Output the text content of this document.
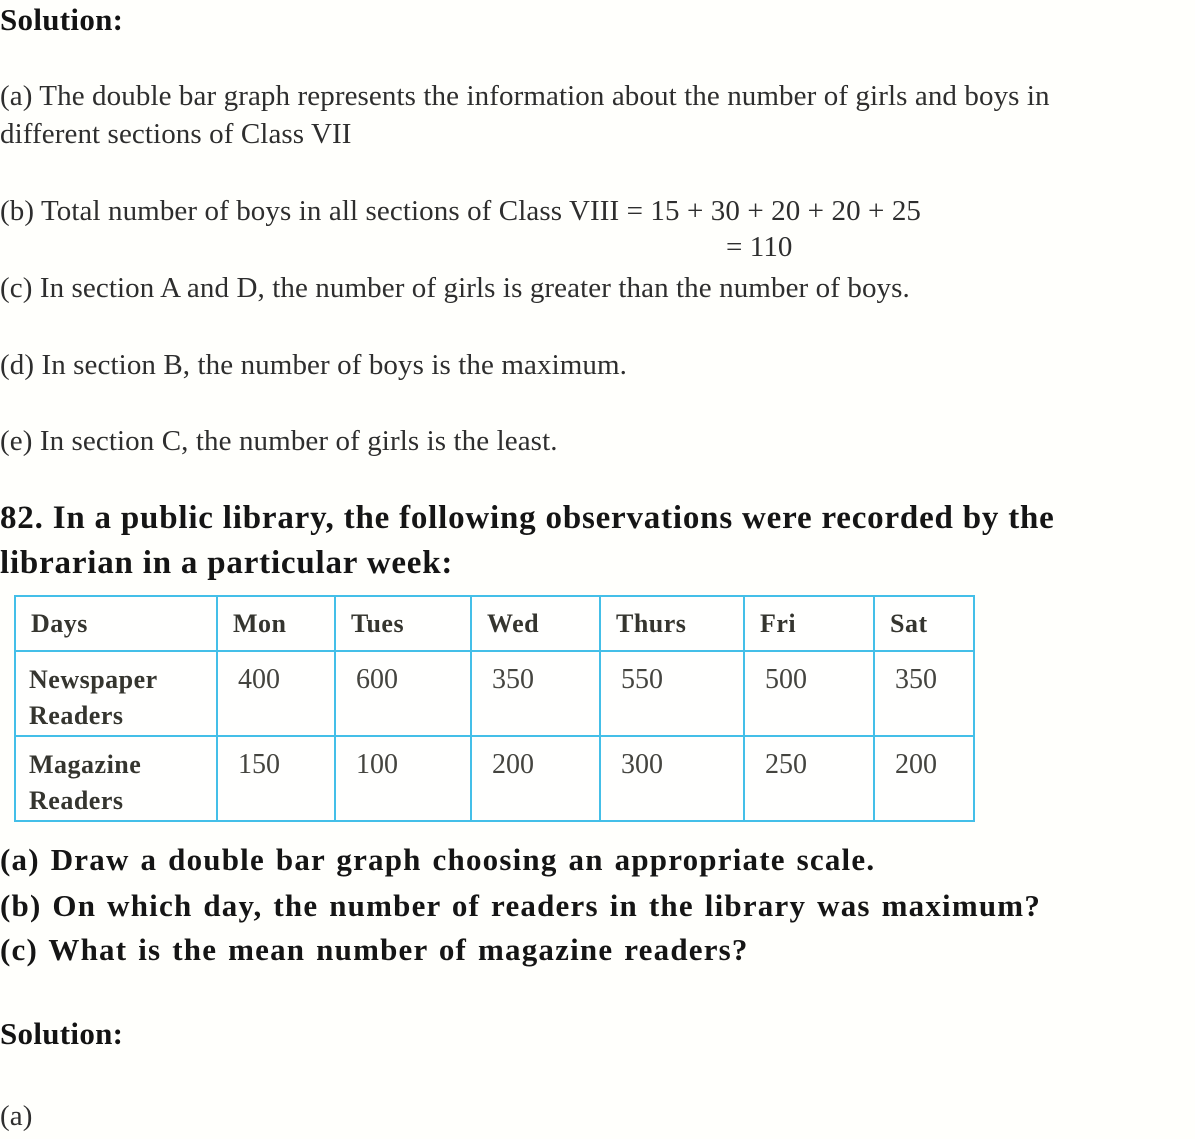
Solution:
(a) The double bar graph represents the information about the number of girls and boys in
different sections of Class VII
(b) Total number of boys in all sections of Class VIII = 15 + 30 + 20 + 20 + 25
= 110
(c) In section A and D, the number of girls is greater than the number of boys.
(d) In section B, the number of boys is the maximum.
(e) In section C, the number of girls is the least.
82. In a public library, the following observations were recorded by the
librarian in a particular week:
Days	Mon	Tues	Wed	Thurs	Fri	Sat
Newspaper Readers	400	600	350	550	500	350
Magazine Readers	150	100	200	300	250	200
(a) Draw a double bar graph choosing an appropriate scale.
(b) On which day, the number of readers in the library was maximum?
(c) What is the mean number of magazine readers?
Solution:
(a)
